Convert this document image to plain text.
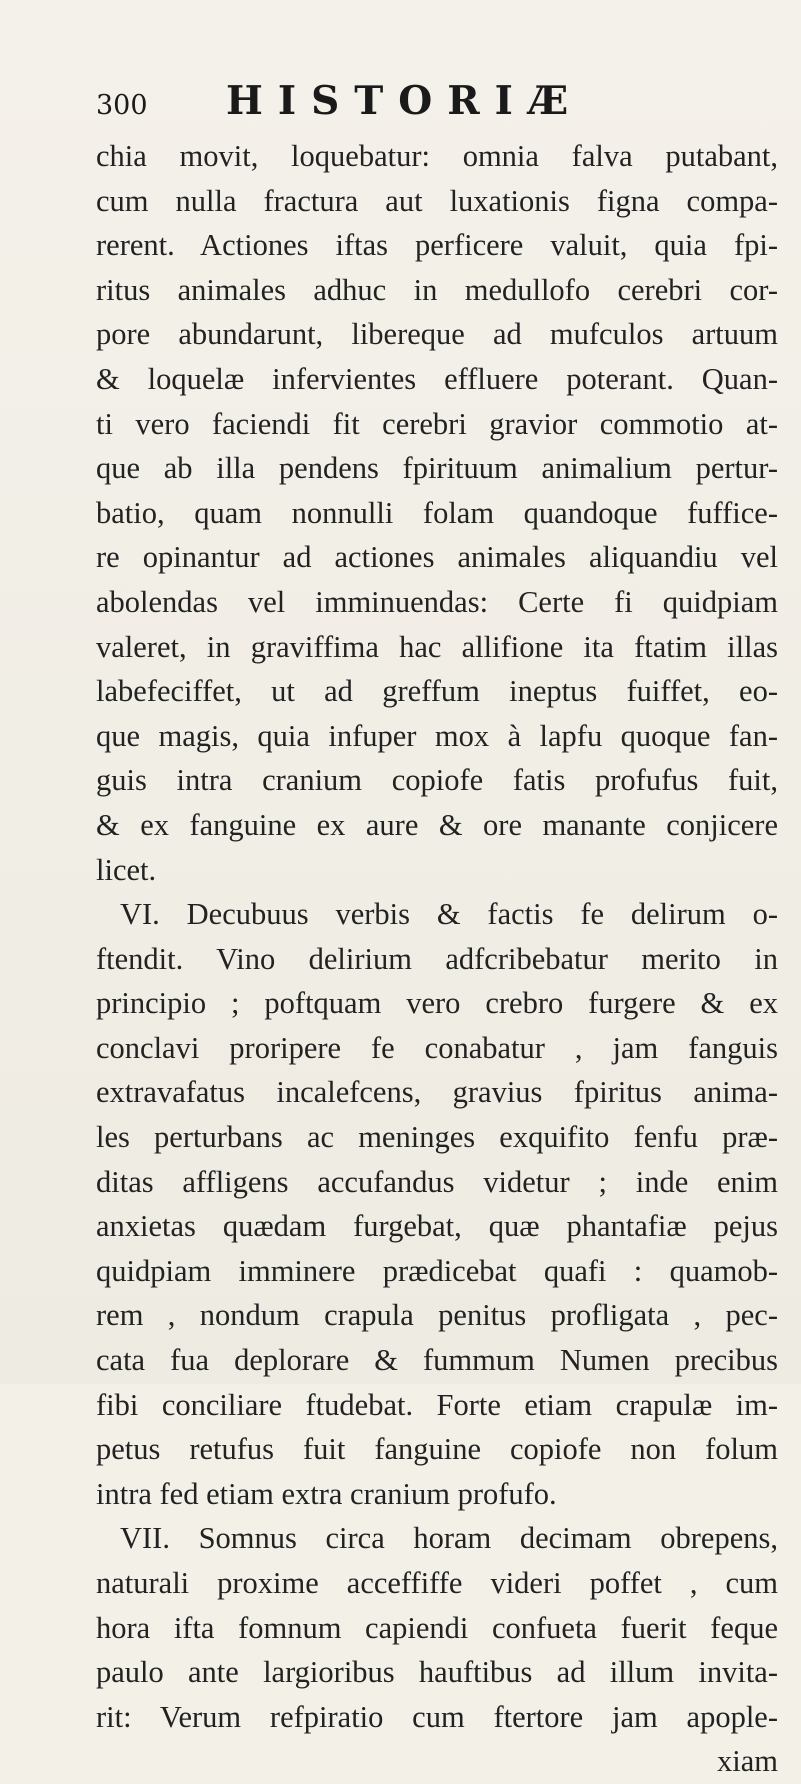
300 HISTORIÆ
chia movit, loquebatur: omnia falva putabant,
cum nulla fractura aut luxationis figna compa-
rerent. Actiones iftas perficere valuit, quia fpi-
ritus animales adhuc in medullofo cerebri cor-
pore abundarunt, libereque ad mufculos artuum
& loquelæ infervientes effluere poterant. Quan-
ti vero faciendi fit cerebri gravior commotio at-
que ab illa pendens fpirituum animalium pertur-
batio, quam nonnulli folam quandoque fuffice-
re opinantur ad actiones animales aliquandiu vel
abolendas vel imminuendas: Certe fi quidpiam
valeret, in graviffima hac allifione ita ftatim illas
labefeciffet, ut ad greffum ineptus fuiffet, eo-
que magis, quia infuper mox à lapfu quoque fan-
guis intra cranium copiofe fatis profufus fuit,
& ex fanguine ex aure & ore manante conjicere
licet.
VI. Decubuus verbis & factis fe delirum o-
ftendit. Vino delirium adfcribebatur merito in
principio ; poftquam vero crebro furgere & ex
conclavi proripere fe conabatur , jam fanguis
extravafatus incalefcens, gravius fpiritus anima-
les perturbans ac meninges exquifito fenfu præ-
ditas affligens accufandus videtur ; inde enim
anxietas quædam furgebat, quæ phantafiæ pejus
quidpiam imminere prædicebat quafi : quamob-
rem , nondum crapula penitus profligata , pec-
cata fua deplorare & fummum Numen precibus
fibi conciliare ftudebat. Forte etiam crapulæ im-
petus retufus fuit fanguine copiofe non folum
intra fed etiam extra cranium profufo.
VII. Somnus circa horam decimam obrepens,
naturali proxime acceffiffe videri poffet , cum
hora ifta fomnum capiendi confueta fuerit feque
paulo ante largioribus hauftibus ad illum invita-
rit: Verum refpiratio cum ftertore jam apople-
xiam
